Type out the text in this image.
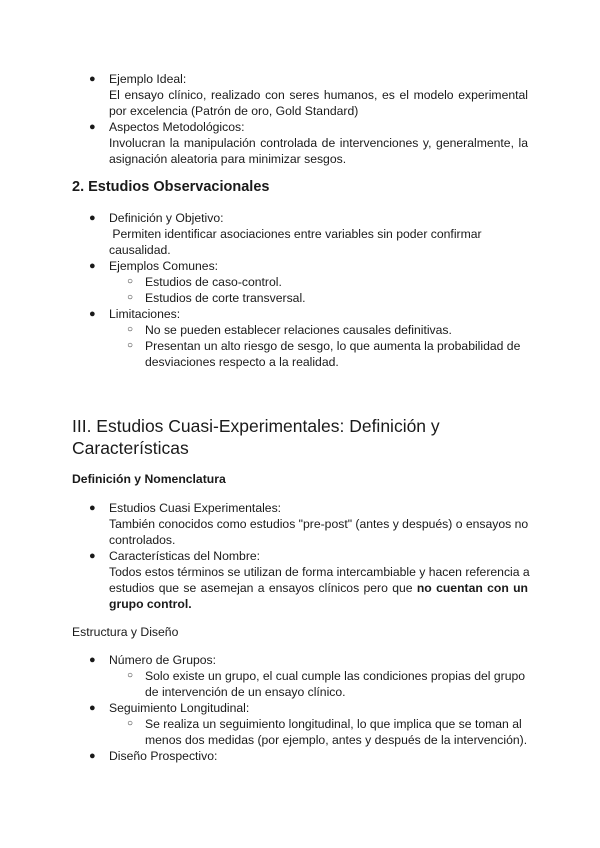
● Ejemplo Ideal:
El ensayo clínico, realizado con seres humanos, es el modelo experimental
por excelencia (Patrón de oro, Gold Standard)
● Aspectos Metodológicos:
Involucran la manipulación controlada de intervenciones y, generalmente, la
asignación aleatoria para minimizar sesgos.
2. Estudios Observacionales
● Definición y Objetivo:
Permiten identificar asociaciones entre variables sin poder confirmar
causalidad.
● Ejemplos Comunes:
○ Estudios de caso-control.
○ Estudios de corte transversal.
● Limitaciones:
○ No se pueden establecer relaciones causales definitivas.
○ Presentan un alto riesgo de sesgo, lo que aumenta la probabilidad de
desviaciones respecto a la realidad.
III. Estudios Cuasi-Experimentales: Definición y
Características
Definición y Nomenclatura
● Estudios Cuasi Experimentales:
También conocidos como estudios "pre-post" (antes y después) o ensayos no
controlados.
● Características del Nombre:
Todos estos términos se utilizan de forma intercambiable y hacen referencia a
estudios que se asemejan a ensayos clínicos pero que no cuentan con un
grupo control.
Estructura y Diseño
● Número de Grupos:
○ Solo existe un grupo, el cual cumple las condiciones propias del grupo
de intervención de un ensayo clínico.
● Seguimiento Longitudinal:
○ Se realiza un seguimiento longitudinal, lo que implica que se toman al
menos dos medidas (por ejemplo, antes y después de la intervención).
● Diseño Prospectivo:
